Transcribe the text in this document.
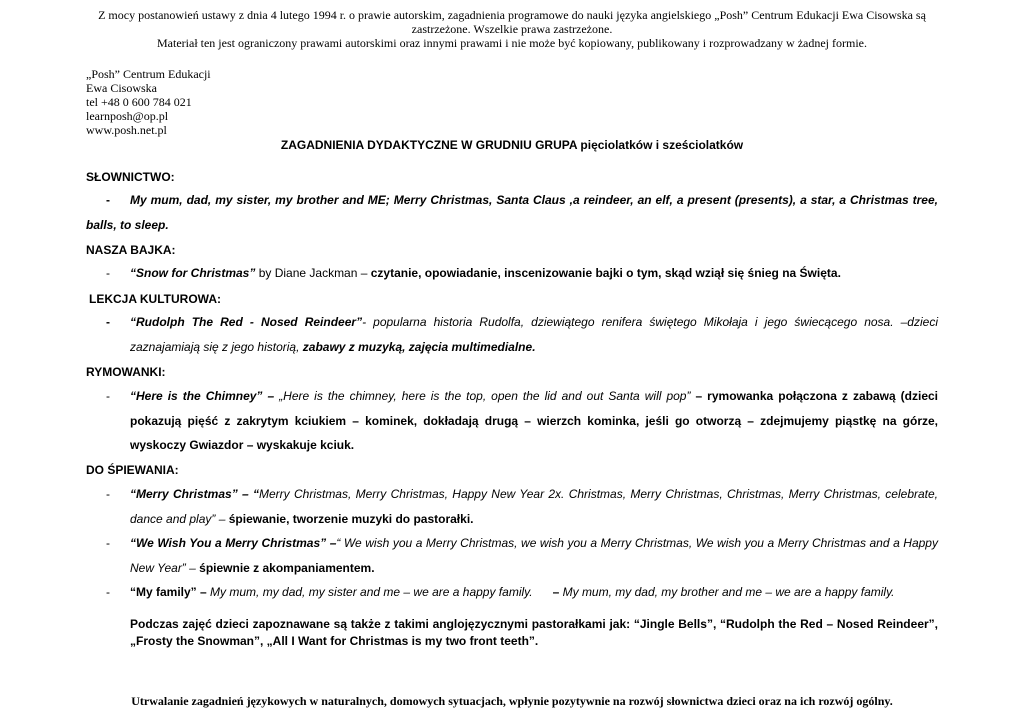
Z mocy postanowień ustawy z dnia 4 lutego 1994 r. o prawie autorskim, zagadnienia programowe do nauki języka angielskiego „Posh” Centrum Edukacji Ewa Cisowska są zastrzeżone. Wszelkie prawa zastrzeżone.
Materiał ten jest ograniczony prawami autorskimi oraz innymi prawami i nie może być kopiowany, publikowany i rozprowadzany w żadnej formie.
„Posh” Centrum Edukacji
Ewa Cisowska
tel +48 0 600 784 021
learnposh@op.pl
www.posh.net.pl
ZAGADNIENIA DYDAKTYCZNE W GRUDNIU GRUPA pięciolatków i sześciolatków
SŁOWNICTWO:
-	My mum, dad, my sister, my brother and ME; Merry Christmas, Santa Claus ,a reindeer, an elf, a present (presents), a star, a Christmas tree, balls, to sleep.
NASZA BAJKA:
- “Snow for Christmas” by Diane Jackman – czytanie, opowiadanie, inscenizowanie bajki o tym, skąd wziął się śnieg na Święta.
LEKCJA KULTUROWA:
- “Rudolph The Red - Nosed Reindeer”- popularna historia Rudolfa, dziewiątego renifera świętego Mikołaja i jego świecącego nosa. –dzieci zaznajamiają się z jego historią, zabawy z muzyką, zajęcia multimedialne.
RYMOWANKI:
- “Here is the Chimney” – „Here is the chimney, here is the top, open the lid and out Santa will pop” – rymowanka połączona z zabawą (dzieci pokazują pięść z zakrytym kciukiem – kominek, dokładają drugą – wierzch kominka, jeśli go otworzą – zdejmujemy piąstkę na górze, wyskoczy Gwiazdor – wyskakuje kciuk.
DO ŚPIEWANIA:
- “Merry Christmas” – “Merry Christmas, Merry Christmas, Happy New Year 2x. Christmas, Merry Christmas, Christmas, Merry Christmas, celebrate, dance and play” – śpiewanie, tworzenie muzyki do pastorałki.
- “We Wish You a Merry Christmas” –“ We wish you a Merry Christmas, we wish you a Merry Christmas, We wish you a Merry Christmas and a Happy New Year” – śpiewnie z akompaniamentem.
- “My family” – My mum, my dad, my sister and me – we are a happy family.      – My mum, my dad, my brother and me – we are a happy family.
Podczas zajęć dzieci zapoznawane są także z takimi anglojęzycznymi pastorałkami jak: “Jingle Bells”, “Rudolph the Red – Nosed Reindeer”, „Frosty the Snowman”, „All I Want for Christmas is my two front teeth”.
Utrwalanie zagadnień językowych w naturalnych, domowych sytuacjach, wpłynie pozytywnie na rozwój słownictwa dzieci oraz na ich rozwój ogólny.
